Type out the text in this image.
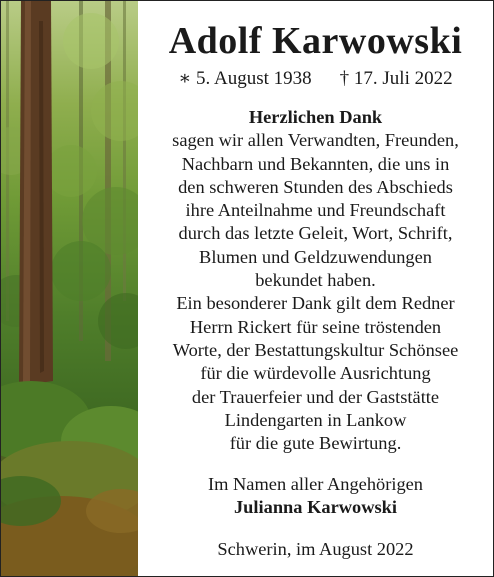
Adolf Karwowski
∗ 5. August 1938 † 17. Juli 2022
Herzlichen Dank
sagen wir allen Verwandten, Freunden,
Nachbarn und Bekannten, die uns in
den schweren Stunden des Abschieds
ihre Anteilnahme und Freundschaft
durch das letzte Geleit, Wort, Schrift,
Blumen und Geldzuwendungen
bekundet haben.
Ein besonderer Dank gilt dem Redner
Herrn Rickert für seine tröstenden
Worte, der Bestattungskultur Schönsee
für die würdevolle Ausrichtung
der Trauerfeier und der Gaststätte
Lindengarten in Lankow
für die gute Bewirtung.
Im Namen aller Angehörigen
Julianna Karwowski
Schwerin, im August 2022
